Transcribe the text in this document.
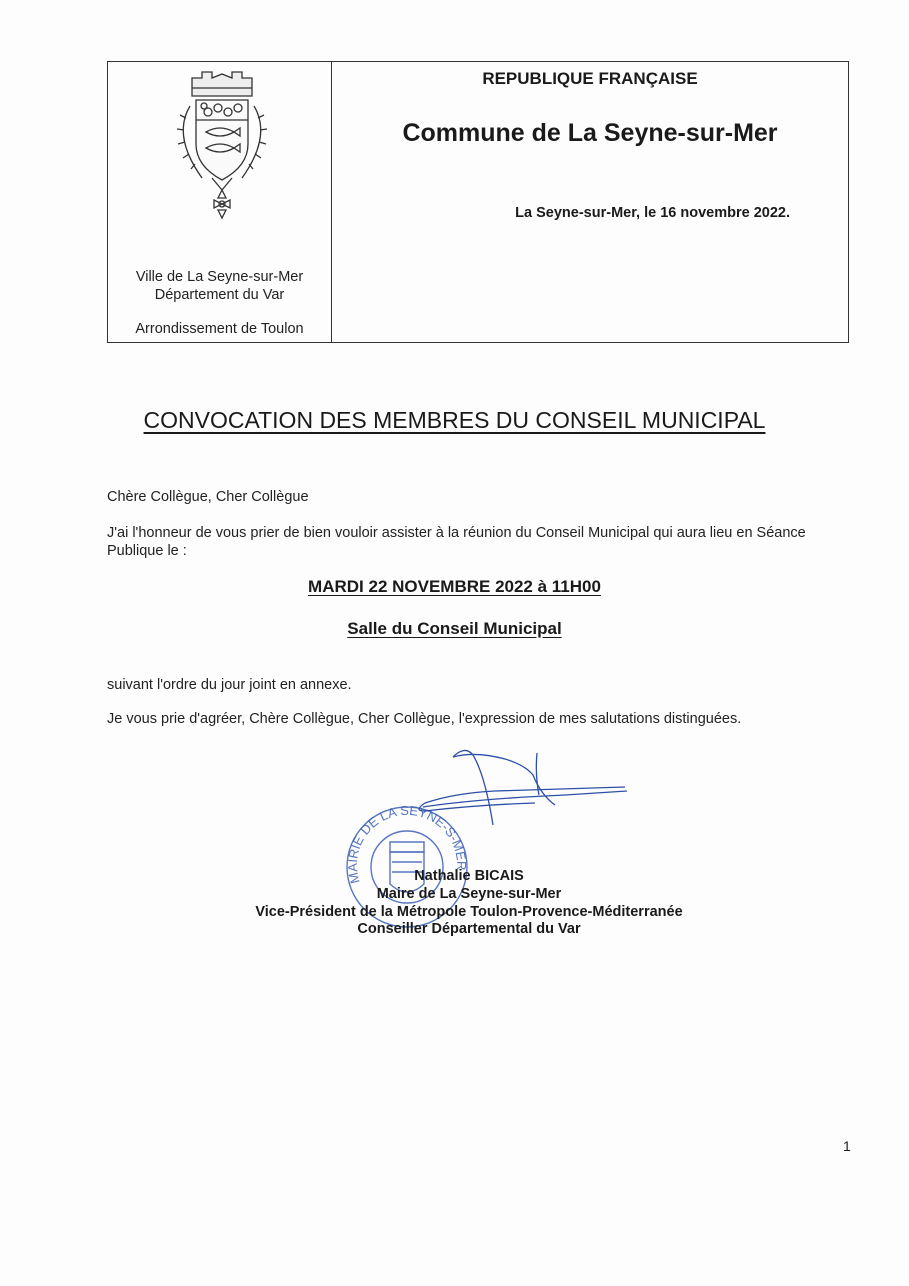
Ville de La Seyne-sur-Mer
Département du Var
Arrondissement de Toulon
REPUBLIQUE FRANÇAISE
Commune de La Seyne-sur-Mer
La Seyne-sur-Mer, le 16 novembre 2022.
CONVOCATION DES MEMBRES DU CONSEIL MUNICIPAL
Chère Collègue, Cher Collègue
J'ai l'honneur de vous prier de bien vouloir assister à la réunion du Conseil Municipal qui aura lieu en Séance Publique le :
MARDI 22 NOVEMBRE 2022 à 11H00
Salle du Conseil Municipal
suivant l'ordre du jour joint en annexe.
Je vous prie d'agréer, Chère Collègue, Cher Collègue, l'expression de mes salutations distinguées.
MAIRIE DE LA SEYNE-S-MER
Nathalie BICAIS
Maire de La Seyne-sur-Mer
Vice-Président de la Métropole Toulon-Provence-Méditerranée
Conseiller Départemental du Var
1
